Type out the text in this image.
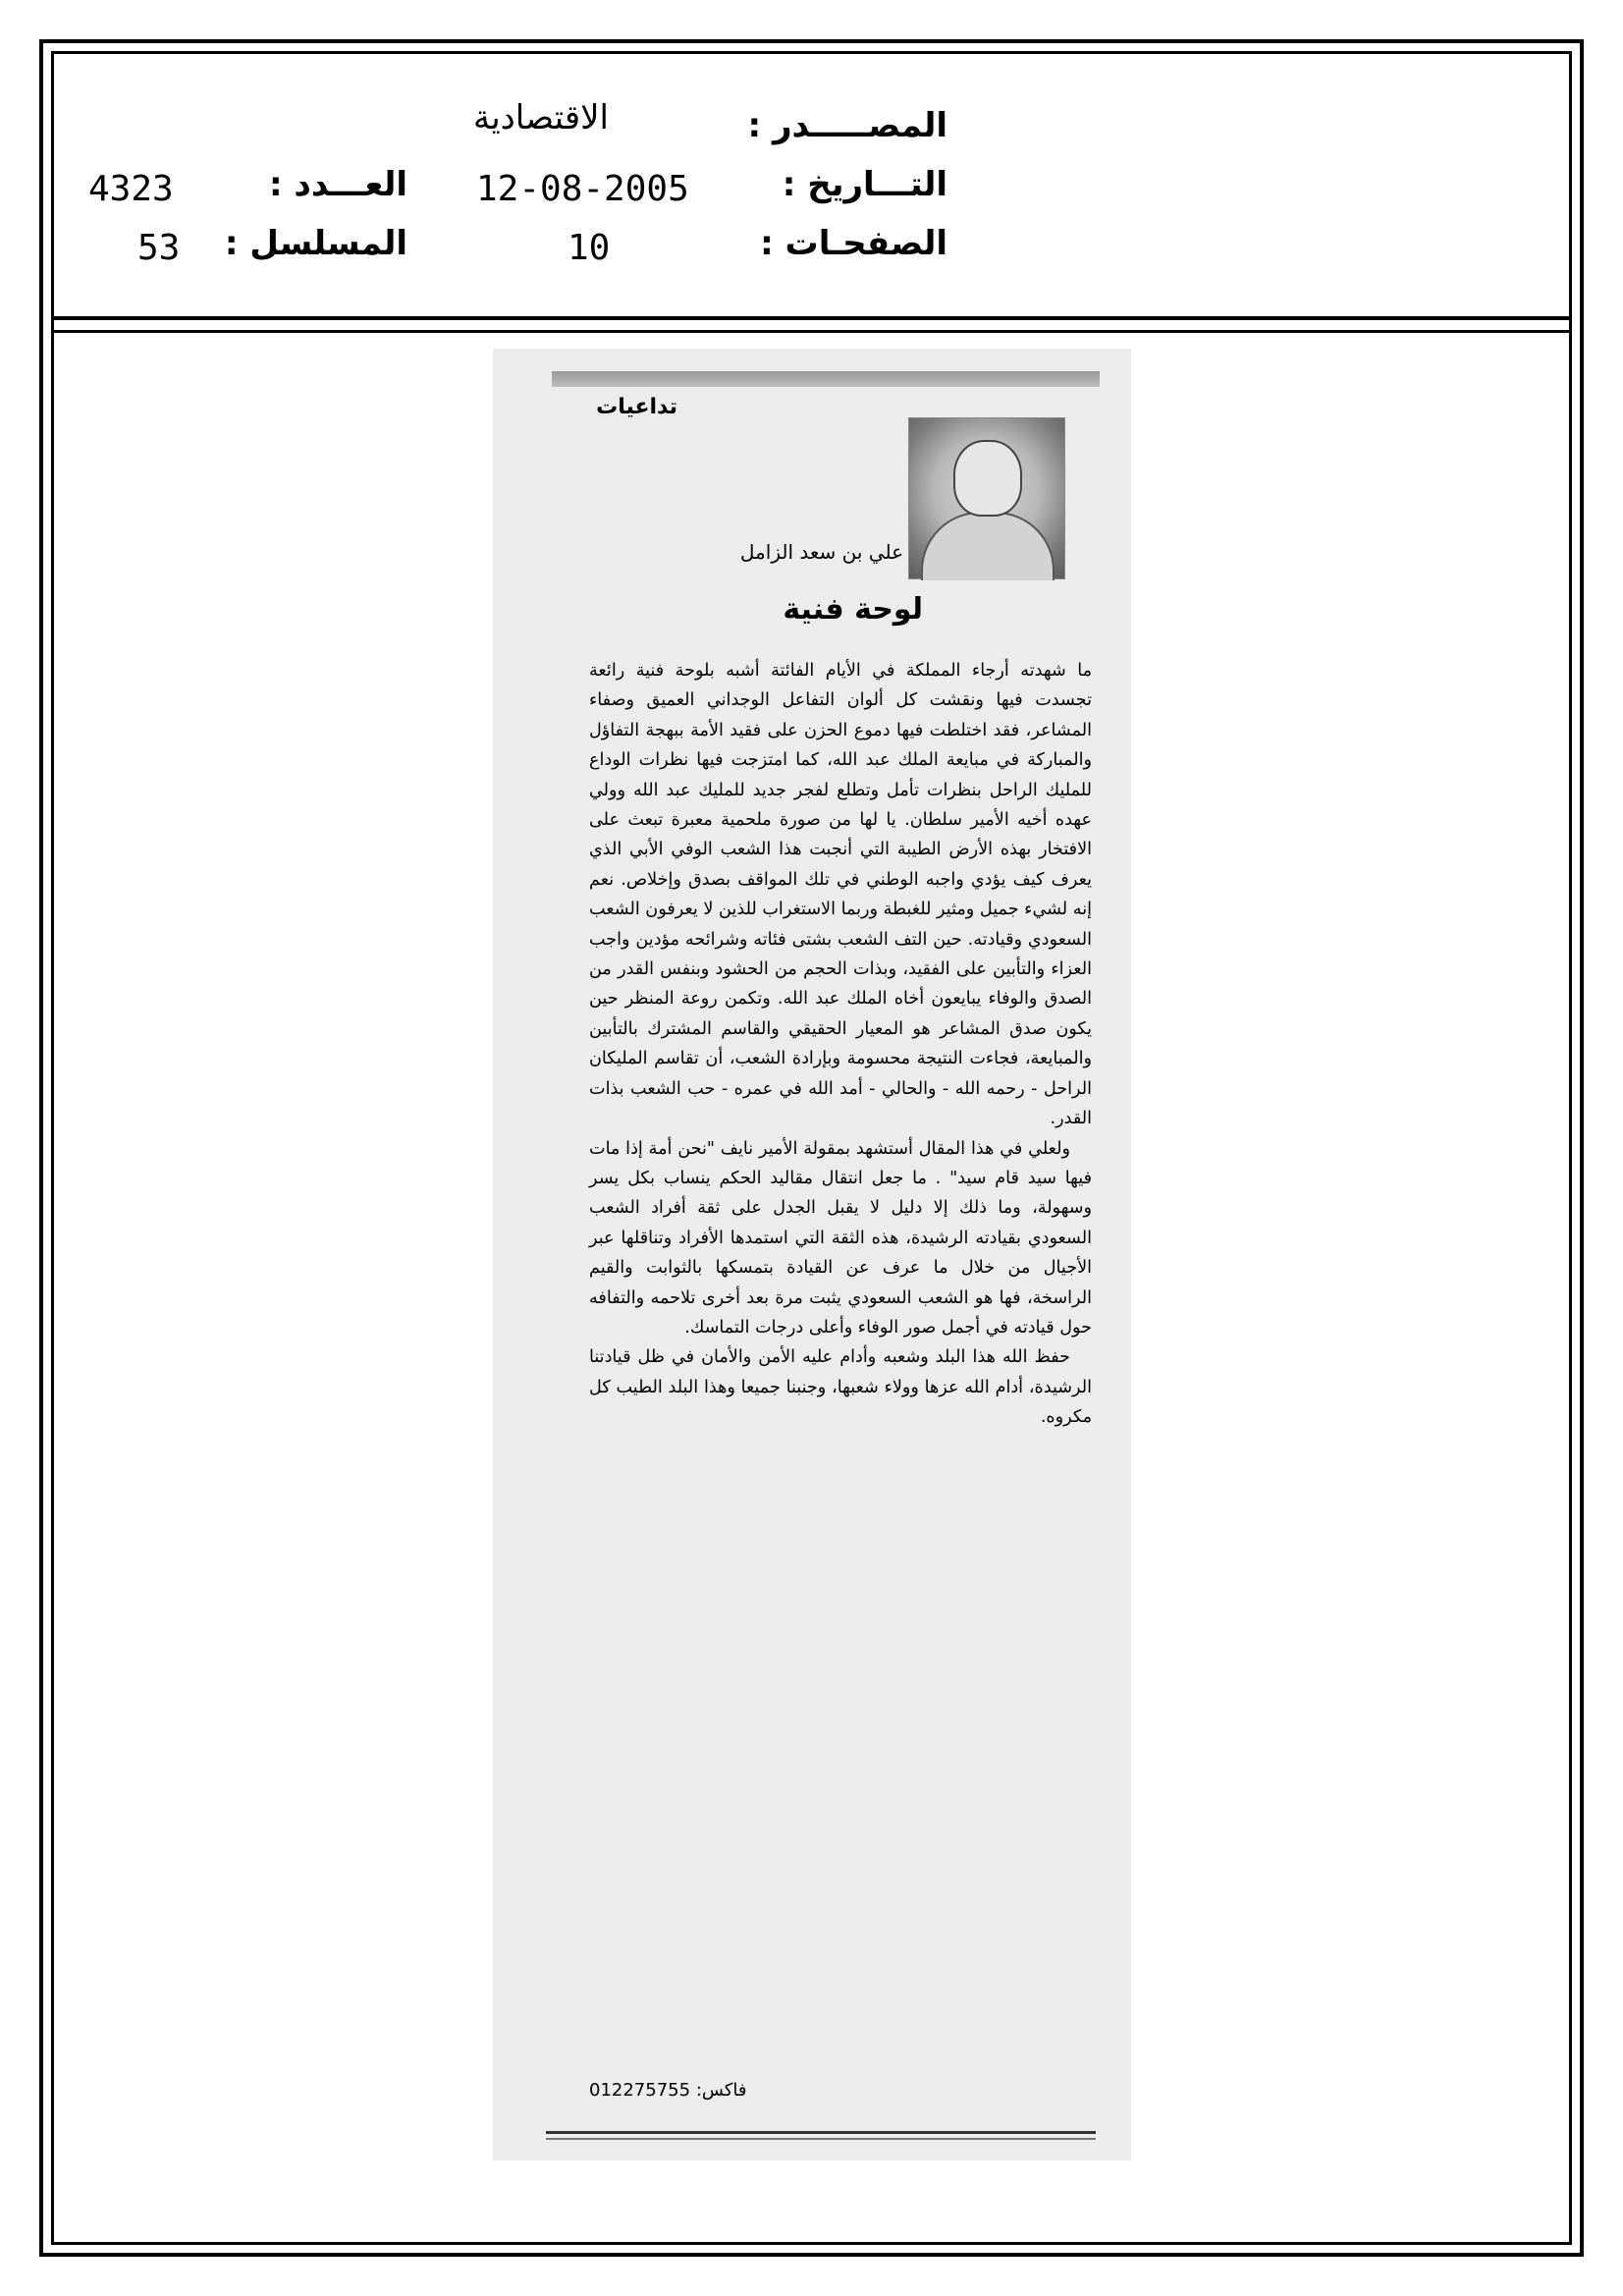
المصـــــدر :
التـــاريخ :
الصفحـات :
الاقتصادية
12-08-2005
10
العـــدد :
المسلسل :
4323
53
تداعيات
علي بن سعد الزامل
لوحة فنية

ما شهدته أرجاء المملكة في الأيام الفائتة أشبه بلوحة فنية رائعة تجسدت فيها ونقشت كل ألوان التفاعل الوجداني العميق وصفاء المشاعر، فقد اختلطت فيها دموع الحزن على فقيد الأمة ببهجة التفاؤل والمباركة في مبايعة الملك عبد الله، كما امتزجت فيها نظرات الوداع للمليك الراحل بنظرات تأمل وتطلع لفجر جديد للمليك عبد الله وولي عهده أخيه الأمير سلطان. يا لها من صورة ملحمية معبرة تبعث على الافتخار بهذه الأرض الطيبة التي أنجبت هذا الشعب الوفي الأبي الذي يعرف كيف يؤدي واجبه الوطني في تلك المواقف بصدق وإخلاص. نعم إنه لشيء جميل ومثير للغبطة وربما الاستغراب للذين لا يعرفون الشعب السعودي وقيادته. حين التف الشعب بشتى فئاته وشرائحه مؤدين واجب العزاء والتأبين على الفقيد، وبذات الحجم من الحشود وبنفس القدر من الصدق والوفاء يبايعون أخاه الملك عبد الله. وتكمن روعة المنظر حين يكون صدق المشاعر هو المعيار الحقيقي والقاسم المشترك بالتأبين والمبايعة، فجاءت النتيجة محسومة وبإرادة الشعب، أن تقاسم المليكان الراحل - رحمه الله - والحالي - أمد الله في عمره - حب الشعب بذات القدر.

ولعلي في هذا المقال أستشهد بمقولة الأمير نايف "نحن أمة إذا مات فيها سيد قام سيد" . ما جعل انتقال مقاليد الحكم ينساب بكل يسر وسهولة، وما ذلك إلا دليل لا يقبل الجدل على ثقة أفراد الشعب السعودي بقيادته الرشيدة، هذه الثقة التي استمدها الأفراد وتناقلها عبر الأجيال من خلال ما عرف عن القيادة بتمسكها بالثوابت والقيم الراسخة، فها هو الشعب السعودي يثبت مرة بعد أخرى تلاحمه والتفافه حول قيادته في أجمل صور الوفاء وأعلى درجات التماسك.

حفظ الله هذا البلد وشعبه وأدام عليه الأمن والأمان في ظل قيادتنا الرشيدة، أدام الله عزها وولاء شعبها، وجنبنا جميعا وهذا البلد الطيب كل مكروه.

فاكس: 012275755
